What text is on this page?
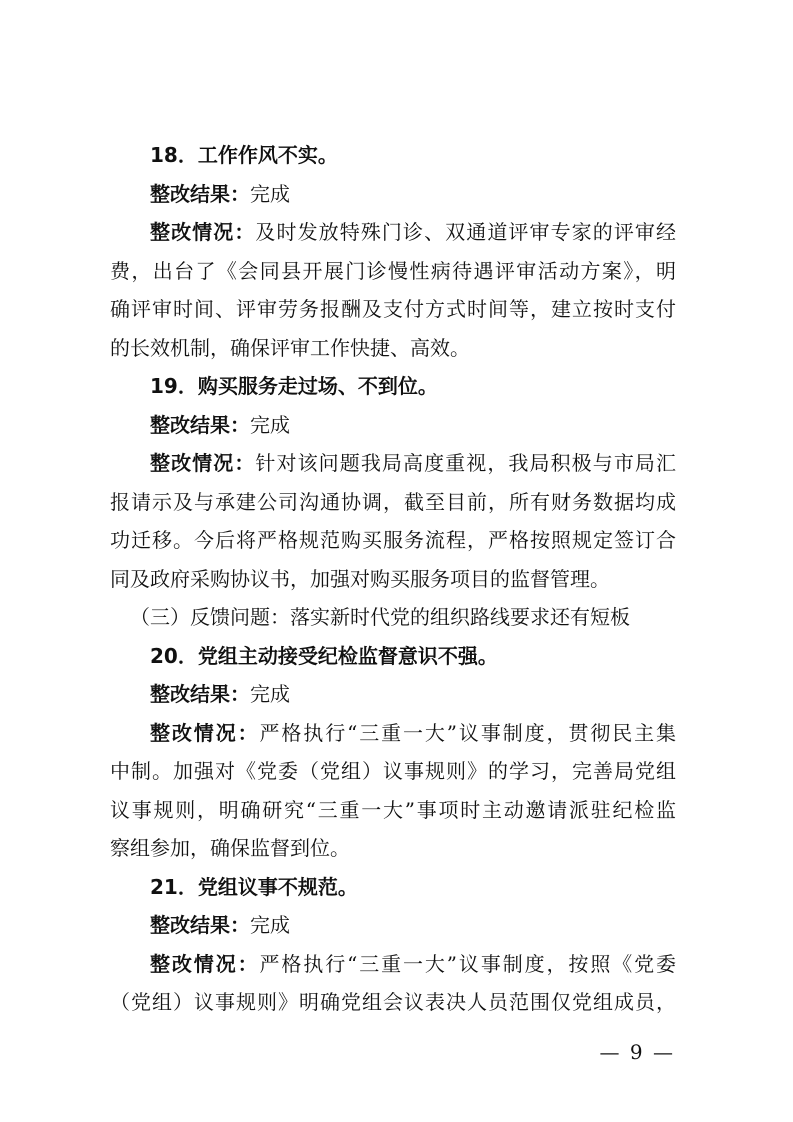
18．工作作风不实。
整改结果：完成
整改情况：及时发放特殊门诊、双通道评审专家的评审经
费，出台了《会同县开展门诊慢性病待遇评审活动方案》，明
确评审时间、评审劳务报酬及支付方式时间等，建立按时支付
的长效机制，确保评审工作快捷、高效。
19．购买服务走过场、不到位。
整改结果：完成
整改情况：针对该问题我局高度重视，我局积极与市局汇
报请示及与承建公司沟通协调，截至目前，所有财务数据均成
功迁移。今后将严格规范购买服务流程，严格按照规定签订合
同及政府采购协议书，加强对购买服务项目的监督管理。
（三）反馈问题：落实新时代党的组织路线要求还有短板
20．党组主动接受纪检监督意识不强。
整改结果：完成
整改情况：严格执行“三重一大”议事制度，贯彻民主集
中制。加强对《党委（党组）议事规则》的学习，完善局党组
议事规则，明确研究“三重一大”事项时主动邀请派驻纪检监
察组参加，确保监督到位。
21．党组议事不规范。
整改结果：完成
整改情况：严格执行“三重一大”议事制度，按照《党委
（党组）议事规则》明确党组会议表决人员范围仅党组成员，
— 9 —
